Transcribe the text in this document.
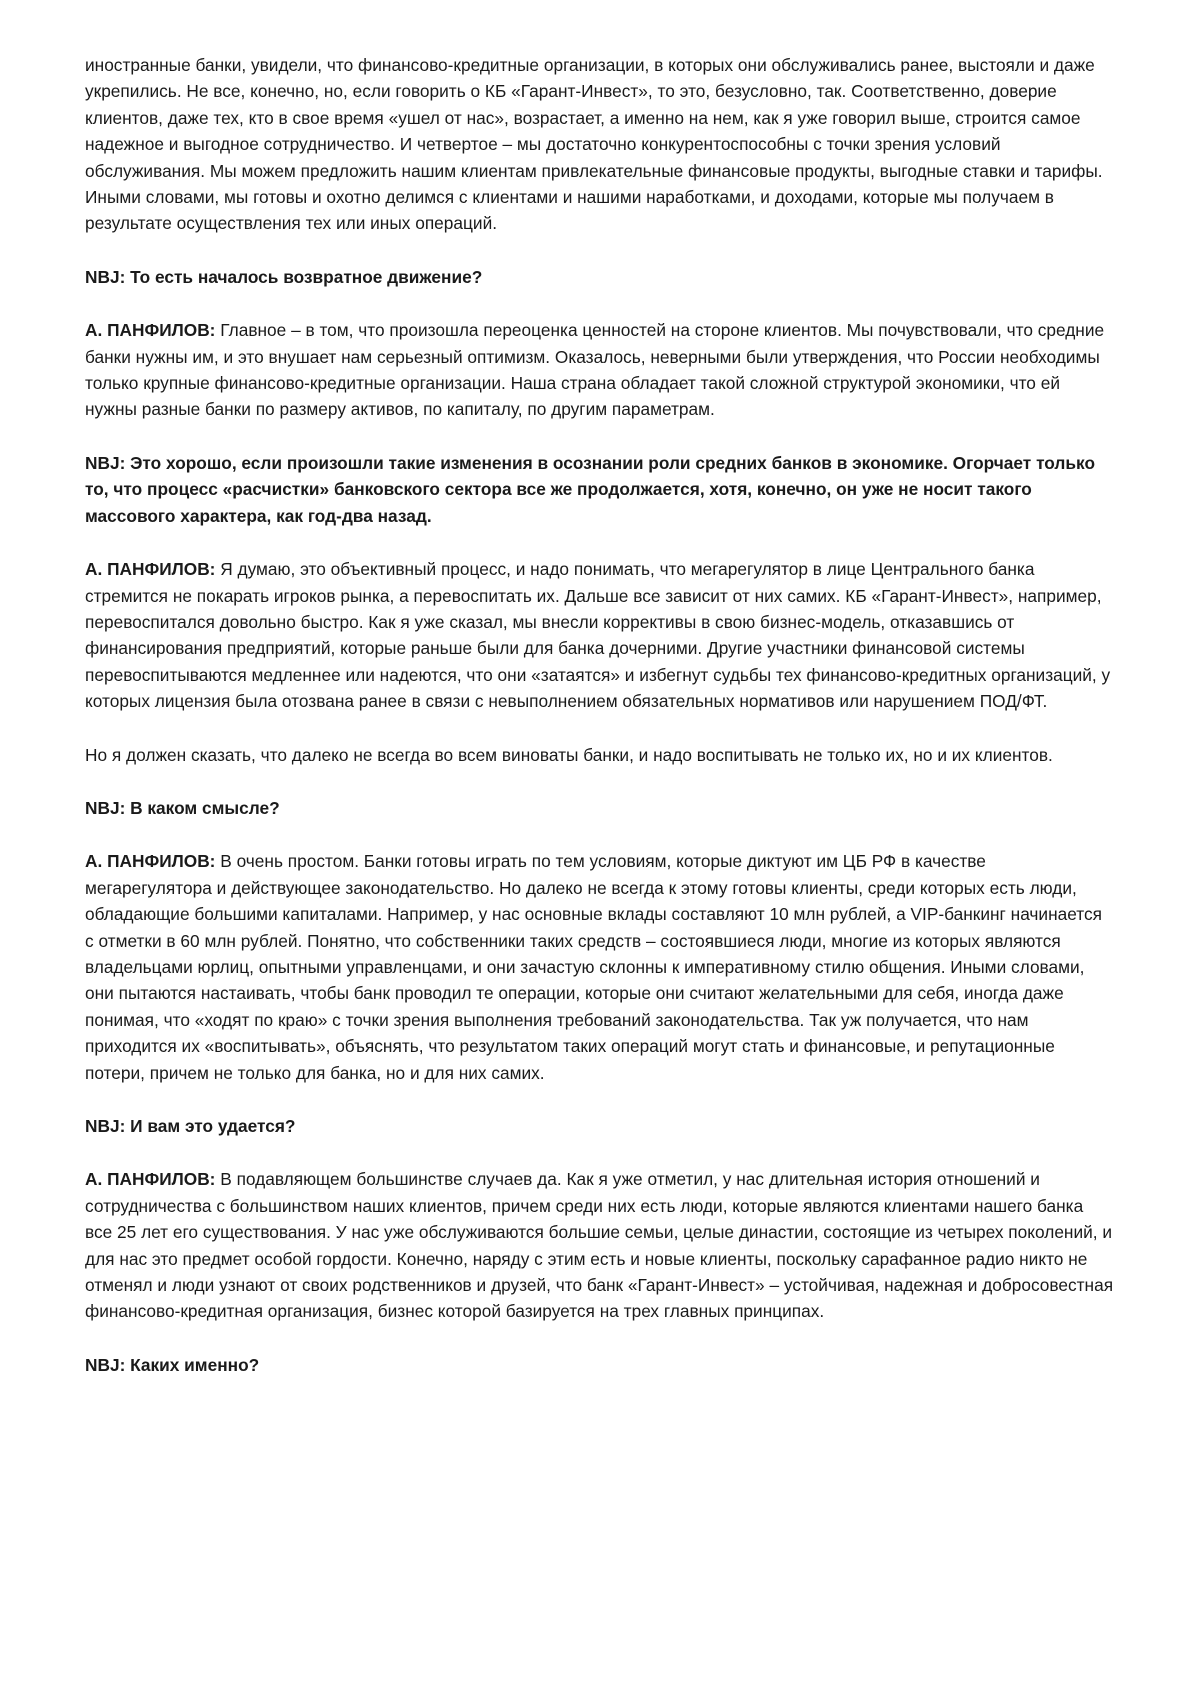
иностранные банки, увидели, что финансово-кредитные организации, в которых они обслуживались ранее, выстояли и даже укрепились. Не все, конечно, но, если говорить о КБ «Гарант-Инвест», то это, безусловно, так. Соответственно, доверие клиентов, даже тех, кто в свое время «ушел от нас», возрастает, а именно на нем, как я уже говорил выше, строится самое надежное и выгодное сотрудничество. И четвертое – мы достаточно конкурентоспособны с точки зрения условий обслуживания. Мы можем предложить нашим клиентам привлекательные финансовые продукты, выгодные ставки и тарифы. Иными словами, мы готовы и охотно делимся с клиентами и нашими наработками, и доходами, которые мы получаем в результате осуществления тех или иных операций.

NBJ: То есть началось возвратное движение?

А. ПАНФИЛОВ: Главное – в том, что произошла переоценка ценностей на стороне клиентов. Мы почувствовали, что средние банки нужны им, и это внушает нам серьезный оптимизм. Оказалось, неверными были утверждения, что России необходимы только крупные финансово-кредитные организации. Наша страна обладает такой сложной структурой экономики, что ей нужны разные банки по размеру активов, по капиталу, по другим параметрам.

NBJ: Это хорошо, если произошли такие изменения в осознании роли средних банков в экономике. Огорчает только то, что процесс «расчистки» банковского сектора все же продолжается, хотя, конечно, он уже не носит такого массового характера, как год-два назад.

А. ПАНФИЛОВ: Я думаю, это объективный процесс, и надо понимать, что мегарегулятор в лице Центрального банка стремится не покарать игроков рынка, а перевоспитать их. Дальше все зависит от них самих. КБ «Гарант-Инвест», например, перевоспитался довольно быстро. Как я уже сказал, мы внесли коррективы в свою бизнес-модель, отказавшись от финансирования предприятий, которые раньше были для банка дочерними. Другие участники финансовой системы перевоспитываются медленнее или надеются, что они «затаятся» и избегнут судьбы тех финансово-кредитных организаций, у которых лицензия была отозвана ранее в связи с невыполнением обязательных нормативов или нарушением ПОД/ФТ.

Но я должен сказать, что далеко не всегда во всем виноваты банки, и надо воспитывать не только их, но и их клиентов.

NBJ: В каком смысле?

А. ПАНФИЛОВ: В очень простом. Банки готовы играть по тем условиям, которые диктуют им ЦБ РФ в качестве мегарегулятора и действующее законодательство. Но далеко не всегда к этому готовы клиенты, среди которых есть люди, обладающие большими капиталами. Например, у нас основные вклады составляют 10 млн рублей, а VIP-банкинг начинается с отметки в 60 млн рублей. Понятно, что собственники таких средств – состоявшиеся люди, многие из которых являются владельцами юрлиц, опытными управленцами, и они зачастую склонны к императивному стилю общения. Иными словами, они пытаются настаивать, чтобы банк проводил те операции, которые они считают желательными для себя, иногда даже понимая, что «ходят по краю» с точки зрения выполнения требований законодательства. Так уж получается, что нам приходится их «воспитывать», объяснять, что результатом таких операций могут стать и финансовые, и репутационные потери, причем не только для банка, но и для них самих.

NBJ: И вам это удается?

А. ПАНФИЛОВ: В подавляющем большинстве случаев да. Как я уже отметил, у нас длительная история отношений и сотрудничества с большинством наших клиентов, причем среди них есть люди, которые являются клиентами нашего банка все 25 лет его существования. У нас уже обслуживаются большие семьи, целые династии, состоящие из четырех поколений, и для нас это предмет особой гордости. Конечно, наряду с этим есть и новые клиенты, поскольку сарафанное радио никто не отменял и люди узнают от своих родственников и друзей, что банк «Гарант-Инвест» – устойчивая, надежная и добросовестная финансово-кредитная организация, бизнес которой базируется на трех главных принципах.

NBJ: Каких именно?
